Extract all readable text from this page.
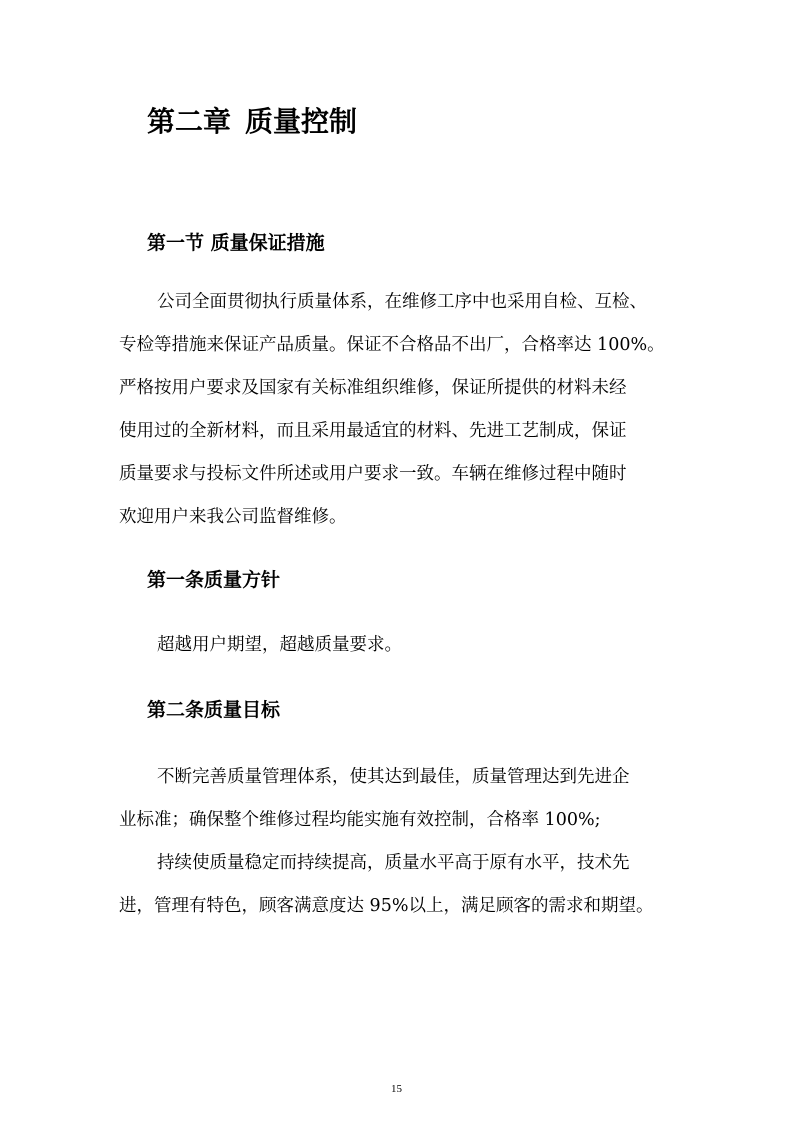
第二章 质量控制
第一节 质量保证措施
公司全面贯彻执行质量体系，在维修工序中也采用自检、互检、
专检等措施来保证产品质量。保证不合格品不出厂，合格率达 100%。
严格按用户要求及国家有关标准组织维修，保证所提供的材料未经
使用过的全新材料，而且采用最适宜的材料、先进工艺制成，保证
质量要求与投标文件所述或用户要求一致。车辆在维修过程中随时
欢迎用户来我公司监督维修。
第一条质量方针
超越用户期望，超越质量要求。
第二条质量目标
不断完善质量管理体系，使其达到最佳，质量管理达到先进企
业标准；确保整个维修过程均能实施有效控制，合格率 100%;
持续使质量稳定而持续提高，质量水平高于原有水平，技术先
进，管理有特色，顾客满意度达 95%以上，满足顾客的需求和期望。
15
